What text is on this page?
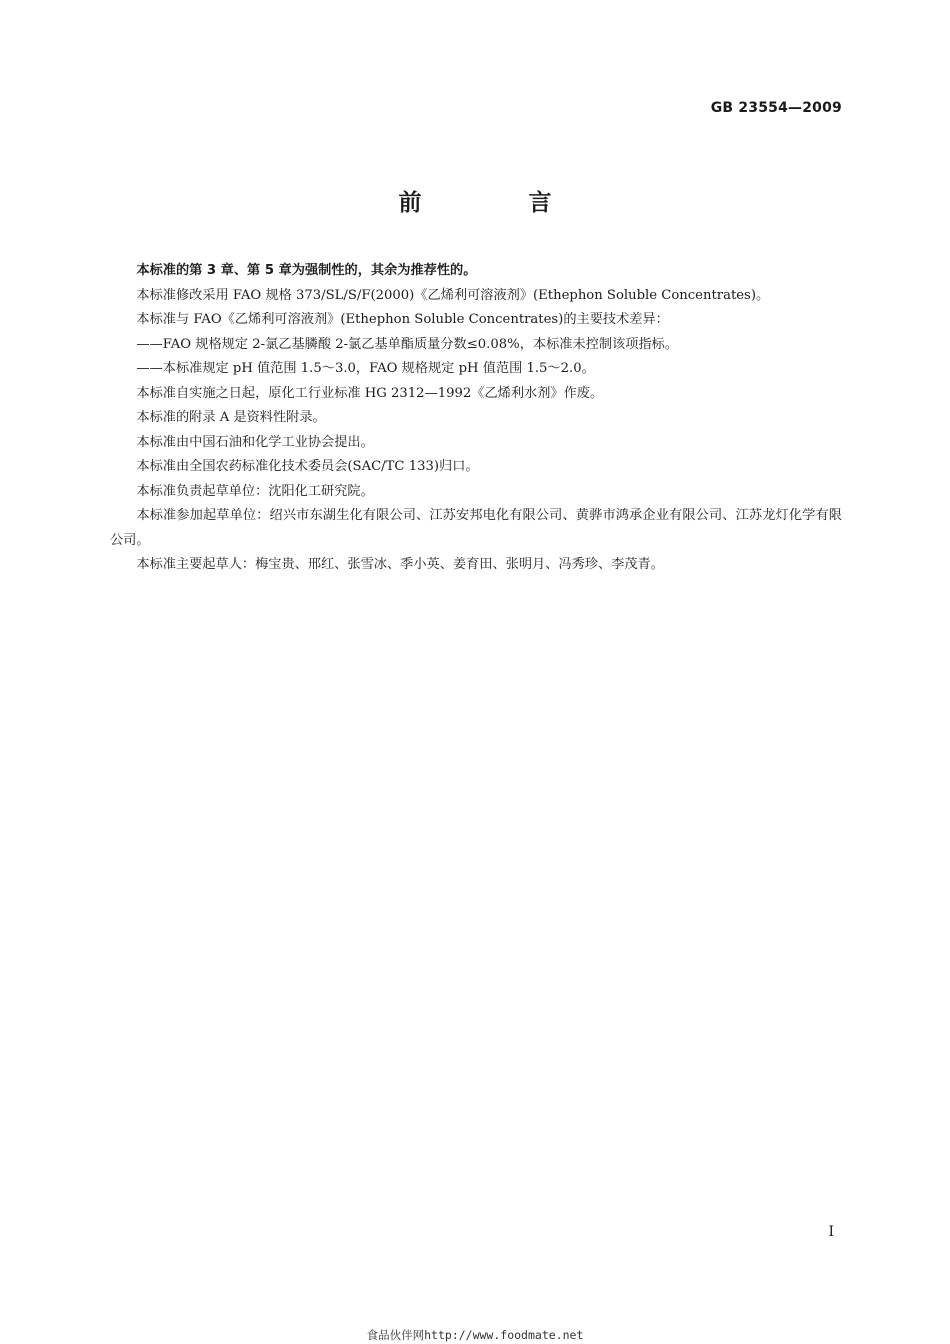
GB 23554—2009
前　言

本标准的第 3 章、第 5 章为强制性的，其余为推荐性的。

本标准修改采用 FAO 规格 373/SL/S/F(2000)《乙烯利可溶液剂》(Ethephon Soluble Concentrates)。

本标准与 FAO《乙烯利可溶液剂》(Ethephon Soluble Concentrates)的主要技术差异：

——FAO 规格规定 2-氯乙基膦酸 2-氯乙基单酯质量分数≤0.08%，本标准未控制该项指标。

——本标准规定 pH 值范围 1.5～3.0，FAO 规格规定 pH 值范围 1.5～2.0。

本标准自实施之日起，原化工行业标准 HG 2312—1992《乙烯利水剂》作废。

本标准的附录 A 是资料性附录。

本标准由中国石油和化学工业协会提出。

本标准由全国农药标准化技术委员会(SAC/TC 133)归口。

本标准负责起草单位：沈阳化工研究院。

本标准参加起草单位：绍兴市东湖生化有限公司、江苏安邦电化有限公司、黄骅市鸿承企业有限公司、江苏龙灯化学有限公司。

本标准主要起草人：梅宝贵、邢红、张雪冰、季小英、姜育田、张明月、冯秀珍、李茂青。

I
食品伙伴网http://www.foodmate.net
